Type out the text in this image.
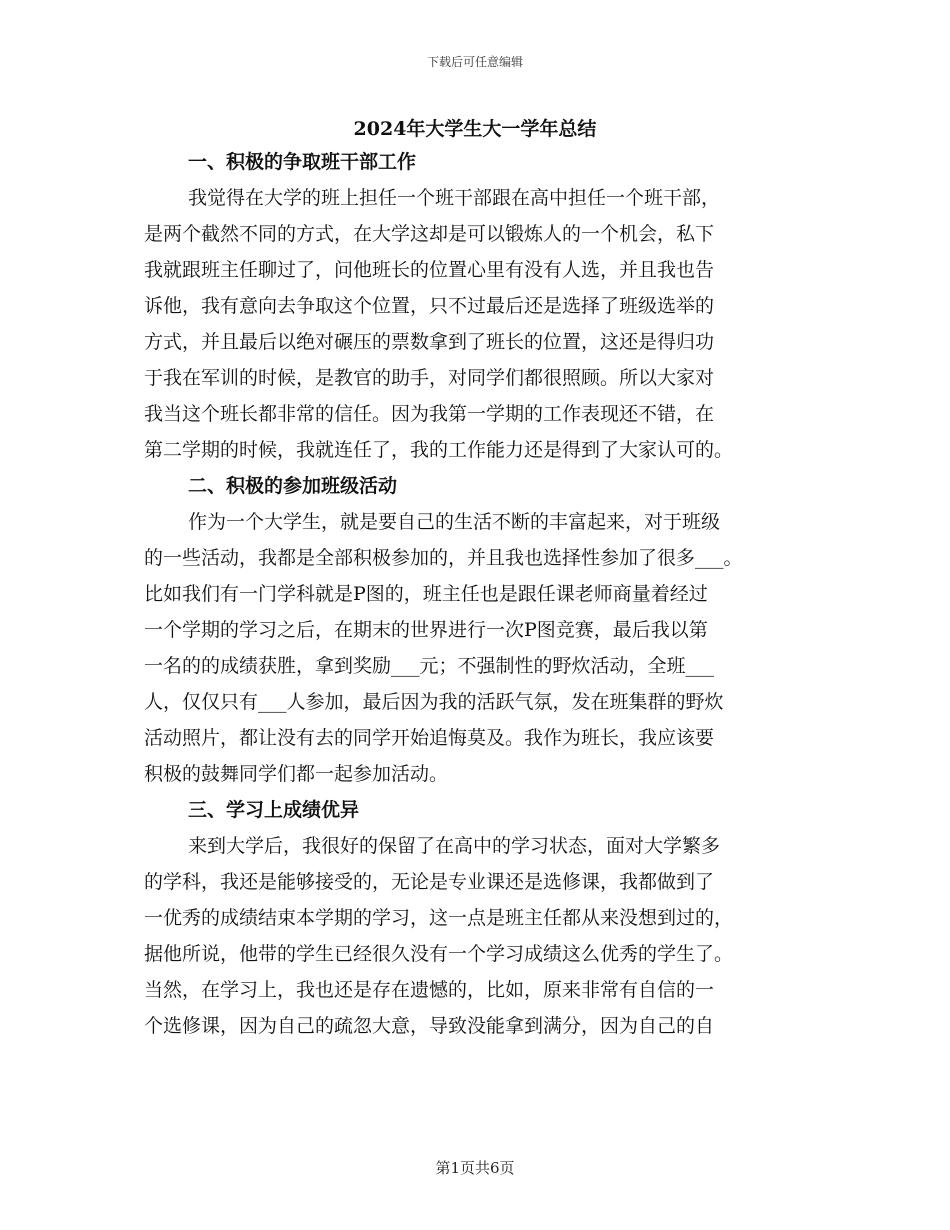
下载后可任意编辑
2024年大学生大一学年总结
一、积极的争取班干部工作
我觉得在大学的班上担任一个班干部跟在高中担任一个班干部，
是两个截然不同的方式，在大学这却是可以锻炼人的一个机会，私下
我就跟班主任聊过了，问他班长的位置心里有没有人选，并且我也告
诉他，我有意向去争取这个位置，只不过最后还是选择了班级选举的
方式，并且最后以绝对碾压的票数拿到了班长的位置，这还是得归功
于我在军训的时候，是教官的助手，对同学们都很照顾。所以大家对
我当这个班长都非常的信任。因为我第一学期的工作表现还不错，在
第二学期的时候，我就连任了，我的工作能力还是得到了大家认可的。
二、积极的参加班级活动
作为一个大学生，就是要自己的生活不断的丰富起来，对于班级
的一些活动，我都是全部积极参加的，并且我也选择性参加了很多___。
比如我们有一门学科就是P图的，班主任也是跟任课老师商量着经过
一个学期的学习之后，在期末的世界进行一次P图竞赛，最后我以第
一名的的成绩获胜，拿到奖励___元；不强制性的野炊活动，全班___
人，仅仅只有___人参加，最后因为我的活跃气氛，发在班集群的野炊
活动照片，都让没有去的同学开始追悔莫及。我作为班长，我应该要
积极的鼓舞同学们都一起参加活动。
三、学习上成绩优异
来到大学后，我很好的保留了在高中的学习状态，面对大学繁多
的学科，我还是能够接受的，无论是专业课还是选修课，我都做到了
一优秀的成绩结束本学期的学习，这一点是班主任都从来没想到过的，
据他所说，他带的学生已经很久没有一个学习成绩这么优秀的学生了。
当然，在学习上，我也还是存在遗憾的，比如，原来非常有自信的一
个选修课，因为自己的疏忽大意，导致没能拿到满分，因为自己的自
第1页共6页
